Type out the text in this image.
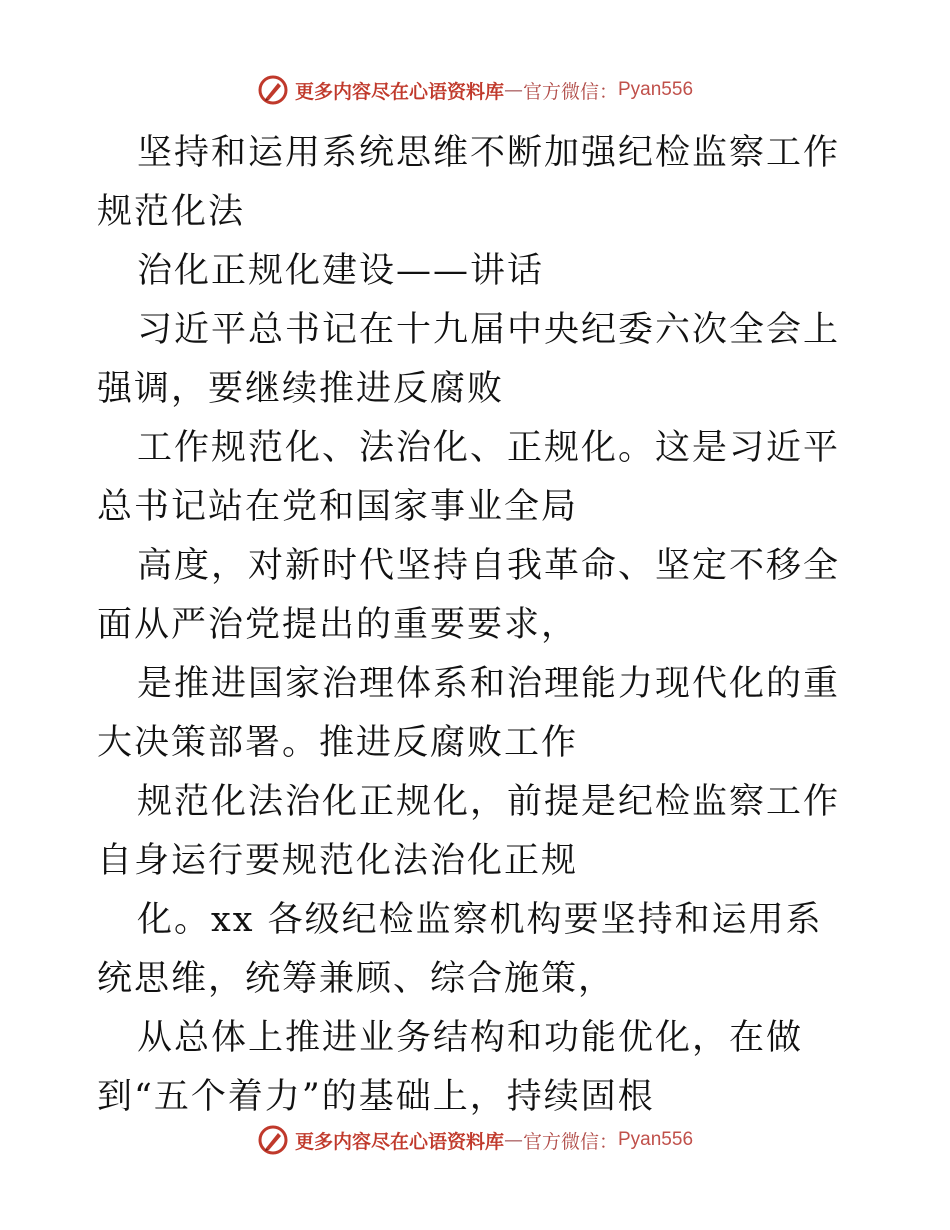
更多内容尽在心语资料库 — 官方微信： Pyan556

坚持和运用系统思维不断加强纪检监察工作规范化法

治化正规化建设——讲话

习近平总书记在十九届中央纪委六次全会上强调，要继续推进反腐败

工作规范化、法治化、正规化。这是习近平总书记站在党和国家事业全局

高度，对新时代坚持自我革命、坚定不移全面从严治党提出的重要要求，

是推进国家治理体系和治理能力现代化的重大决策部署。推进反腐败工作

规范化法治化正规化，前提是纪检监察工作自身运行要规范化法治化正规

化。xx 各级纪检监察机构要坚持和运用系统思维，统筹兼顾、综合施策，

从总体上推进业务结构和功能优化，在做到“五个着力”的基础上，持续固根

更多内容尽在心语资料库 — 官方微信： Pyan556
